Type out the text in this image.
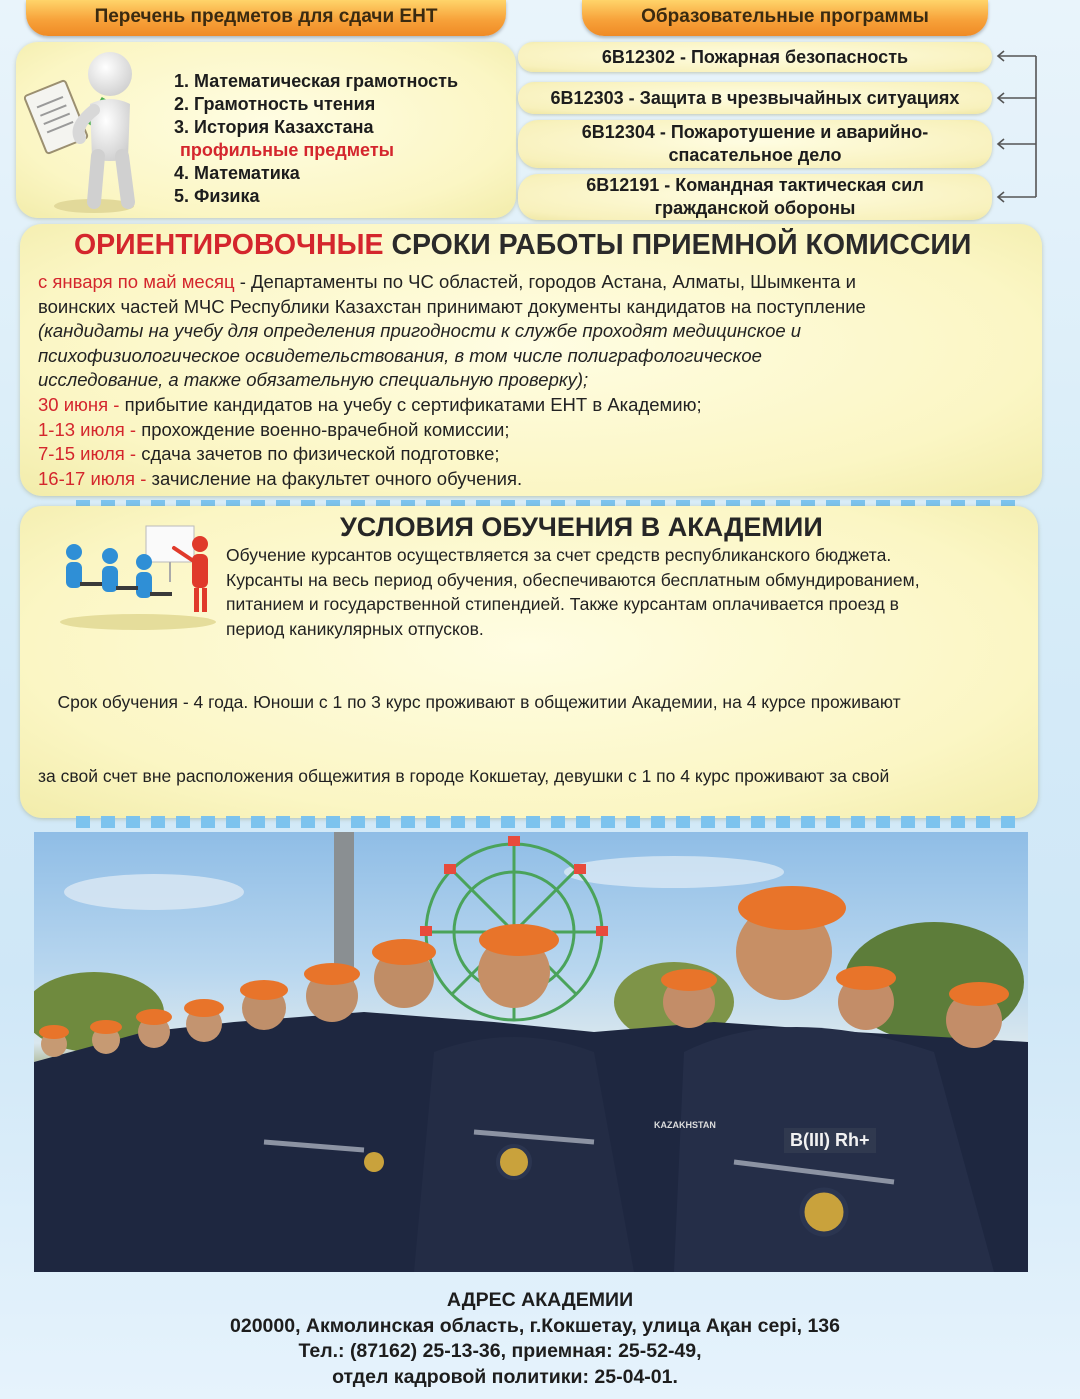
Перечень предметов для сдачи ЕНТ
1. Математическая грамотность
2. Грамотность чтения
3. История Казахстана
профильные предметы
4. Математика
5. Физика
Образовательные программы
6B12302 - Пожарная безопасность
6B12303 - Защита в чрезвычайных ситуациях
6B12304 - Пожаротушение и аварийно-
спасательное дело
6B12191 - Командная тактическая сил
гражданской обороны
ОРИЕНТИРОВОЧНЫЕ СРОКИ РАБОТЫ ПРИЕМНОЙ КОМИССИИ
с января по май месяц - Департаменты по ЧС областей, городов Астана, Алматы, Шымкента и
воинских частей МЧС Республики Казахстан принимают документы кандидатов на поступление
(кандидаты на учебу для определения пригодности к службе проходят медицинское и
психофизиологическое освидетельствования, в том числе полиграфологическое
исследование, а также обязательную специальную проверку);
30 июня - прибытие кандидатов на учебу с сертификатами ЕНТ в Академию;
1-13 июля - прохождение военно-врачебной комиссии;
7-15 июля - сдача зачетов по физической подготовке;
16-17 июля - зачисление на факультет очного обучения.
УСЛОВИЯ ОБУЧЕНИЯ В АКАДЕМИИ
Обучение курсантов осуществляется за счет средств республиканского бюджета.
Курсанты на весь период обучения, обеспечиваются бесплатным обмундированием,
питанием и государственной стипендией. Также курсантам оплачивается проезд в
период каникулярных отпусков.

Срок обучения - 4 года. Юноши с 1 по 3 курс проживают в общежитии Академии, на 4 курсе проживают

за свой счет вне расположения общежития в городе Кокшетау, девушки с 1 по 4 курс проживают за свой

B(III) Rh+
KAZAKHSTAN
АДРЕС АКАДЕМИИ
020000, Акмолинская область, г.Кокшетау, улица Ақан серi, 136
Тел.: (87162) 25-13-36, приемная: 25-52-49,
отдел кадровой политики: 25-04-01.
